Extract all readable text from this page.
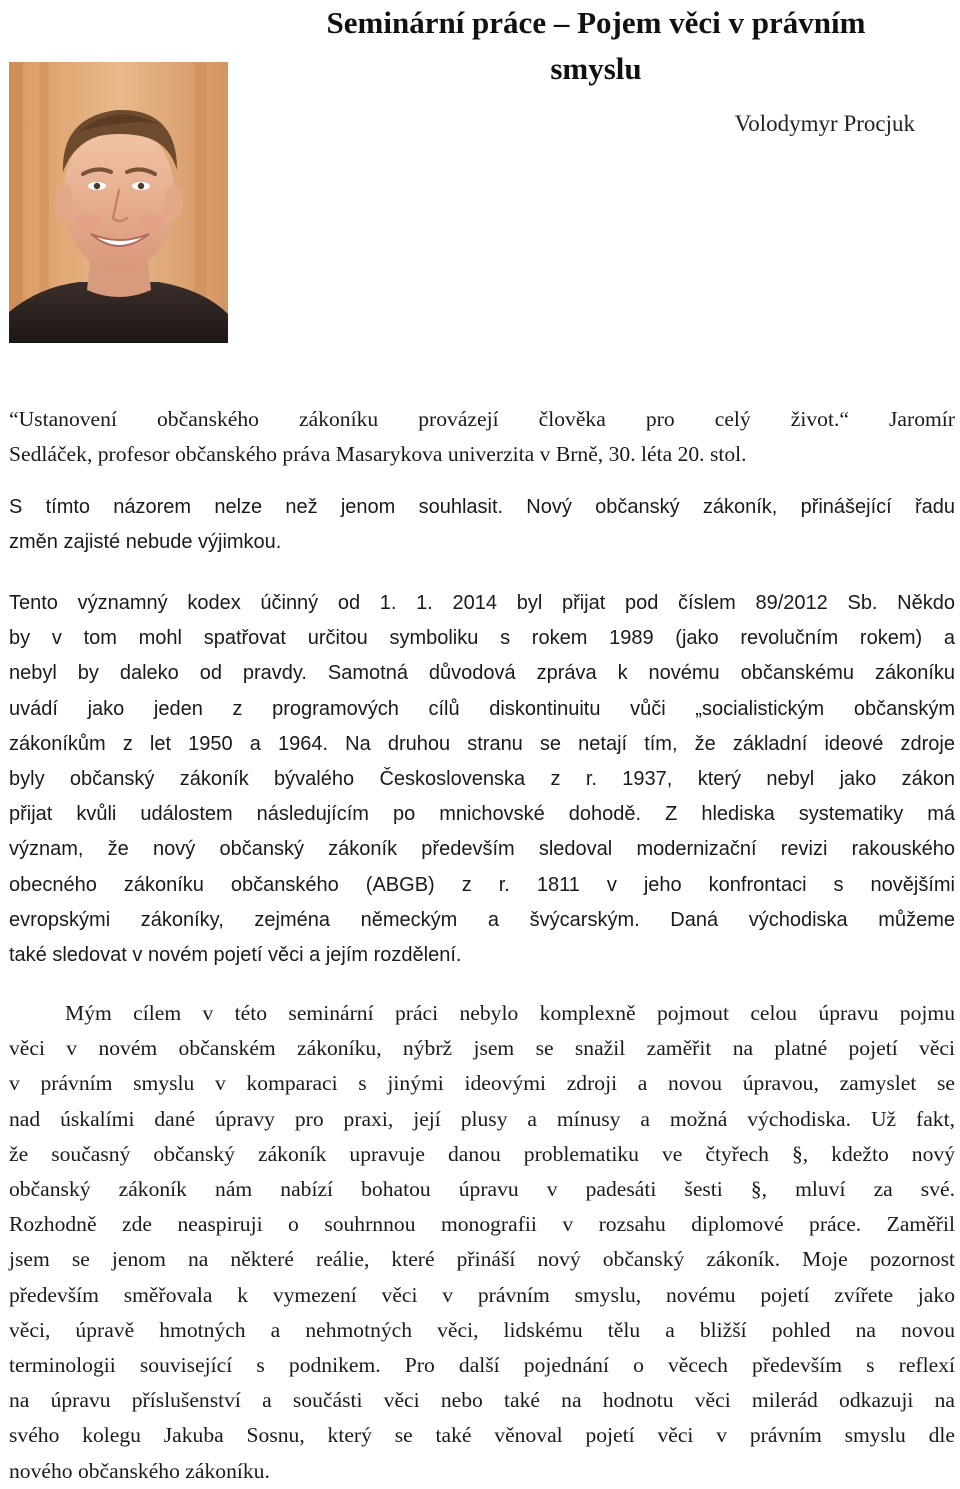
Seminární práce – Pojem věci v právním
smyslu
Volodymyr Procjuk
“Ustanovení občanského zákoníku provázejí člověka pro celý život.“ Jaromír
Sedláček, profesor občanského práva Masarykova univerzita v Brně, 30. léta 20. stol.
S tímto názorem nelze než jenom souhlasit. Nový občanský zákoník, přinášející řadu
změn zajisté nebude výjimkou.
Tento významný kodex účinný od 1. 1. 2014 byl přijat pod číslem 89/2012 Sb. Někdo
by v tom mohl spatřovat určitou symboliku s rokem 1989 (jako revolučním rokem) a
nebyl by daleko od pravdy. Samotná důvodová zpráva k novému občanskému zákoníku
uvádí jako jeden z programových cílů diskontinuitu vůči „socialistickým občanským
zákoníkům z let 1950 a 1964. Na druhou stranu se netají tím, že základní ideové zdroje
byly občanský zákoník bývalého Československa z r. 1937, který nebyl jako zákon
přijat kvůli událostem následujícím po mnichovské dohodě. Z hlediska systematiky má
význam, že nový občanský zákoník především sledoval modernizační revizi rakouského
obecného zákoníku občanského (ABGB) z r. 1811 v jeho konfrontaci s novějšími
evropskými zákoníky, zejména německým a švýcarským. Daná východiska můžeme
také sledovat v novém pojetí věci a jejím rozdělení.
Mým cílem v této seminární práci nebylo komplexně pojmout celou úpravu pojmu
věci v novém občanském zákoníku, nýbrž jsem se snažil zaměřit na platné pojetí věci
v právním smyslu v komparaci s jinými ideovými zdroji a novou úpravou, zamyslet se
nad úskalími dané úpravy pro praxi, její plusy a mínusy a možná východiska. Už fakt,
že současný občanský zákoník upravuje danou problematiku ve čtyřech §, kdežto nový
občanský zákoník nám nabízí bohatou úpravu v padesáti šesti §, mluví za své.
Rozhodně zde neaspiruji o souhrnnou monografii v rozsahu diplomové práce. Zaměřil
jsem se jenom na některé reálie, které přináší nový občanský zákoník. Moje pozornost
především směřovala k vymezení věci v právním smyslu, novému pojetí zvířete jako
věci, úpravě hmotných a nehmotných věci, lidskému tělu a bližší pohled na novou
terminologii související s podnikem. Pro další pojednání o věcech především s reflexí
na úpravu příslušenství a součásti věci nebo také na hodnotu věci milerád odkazuji na
svého kolegu Jakuba Sosnu, který se také věnoval pojetí věci v právním smyslu dle
nového občanského zákoníku.
